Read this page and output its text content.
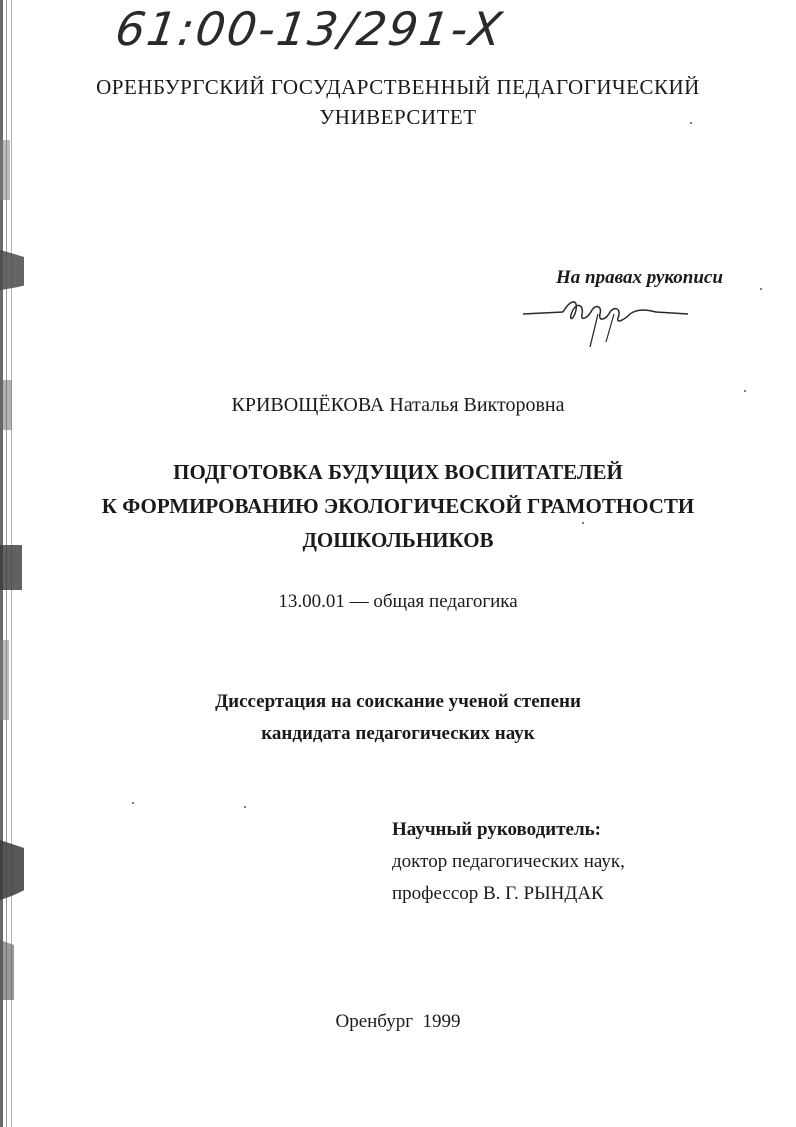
61:00-13/291-Х
ОРЕНБУРГСКИЙ ГОСУДАРСТВЕННЫЙ ПЕДАГОГИЧЕСКИЙ
УНИВЕРСИТЕТ
На правах рукописи
КРИВОЩЁКОВА Наталья Викторовна
ПОДГОТОВКА БУДУЩИХ ВОСПИТАТЕЛЕЙ
К ФОРМИРОВАНИЮ ЭКОЛОГИЧЕСКОЙ ГРАМОТНОСТИ
ДОШКОЛЬНИКОВ
13.00.01 — общая педагогика
Диссертация на соискание ученой степени
кандидата педагогических наук
Научный руководитель:
доктор педагогических наук,
профессор В. Г. РЫНДАК
Оренбург  1999
